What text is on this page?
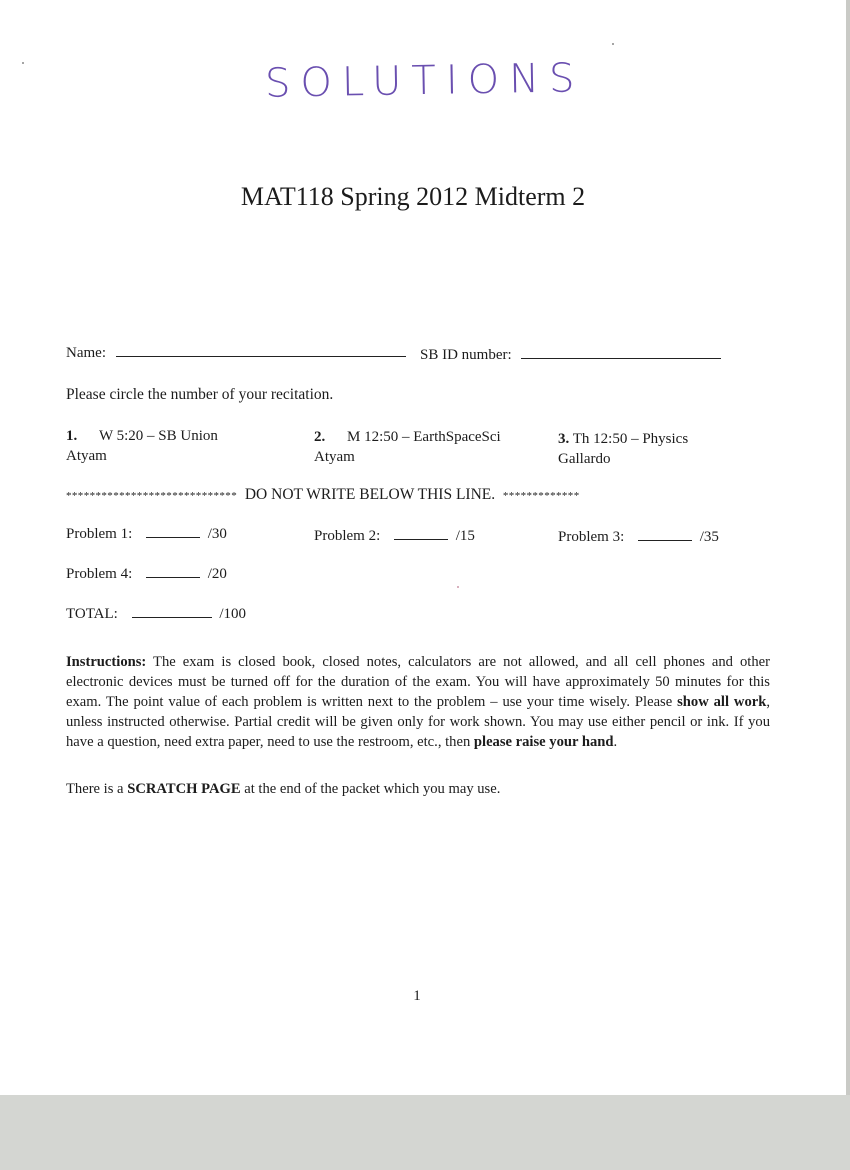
SOLUTIONS
MAT118 Spring 2012 Midterm 2
Name:	SB ID number:
Please circle the number of your recitation.
1. W 5:20 – SB Union
Atyam
2. M 12:50 – EarthSpaceSci
Atyam
3. Th 12:50 – Physics
Gallardo
***************************** DO NOT WRITE BELOW THIS LINE. *************
Problem 1:	/30	Problem 2:	/15	Problem 3:	/35
Problem 4:	/20
TOTAL:	/100
Instructions: The exam is closed book, closed notes, calculators are not allowed, and all cell phones and other electronic devices must be turned off for the duration of the exam. You will have approximately 50 minutes for this exam. The point value of each problem is written next to the problem – use your time wisely. Please show all work, unless instructed otherwise. Partial credit will be given only for work shown. You may use either pencil or ink. If you have a question, need extra paper, need to use the restroom, etc., then please raise your hand.
There is a SCRATCH PAGE at the end of the packet which you may use.
1
